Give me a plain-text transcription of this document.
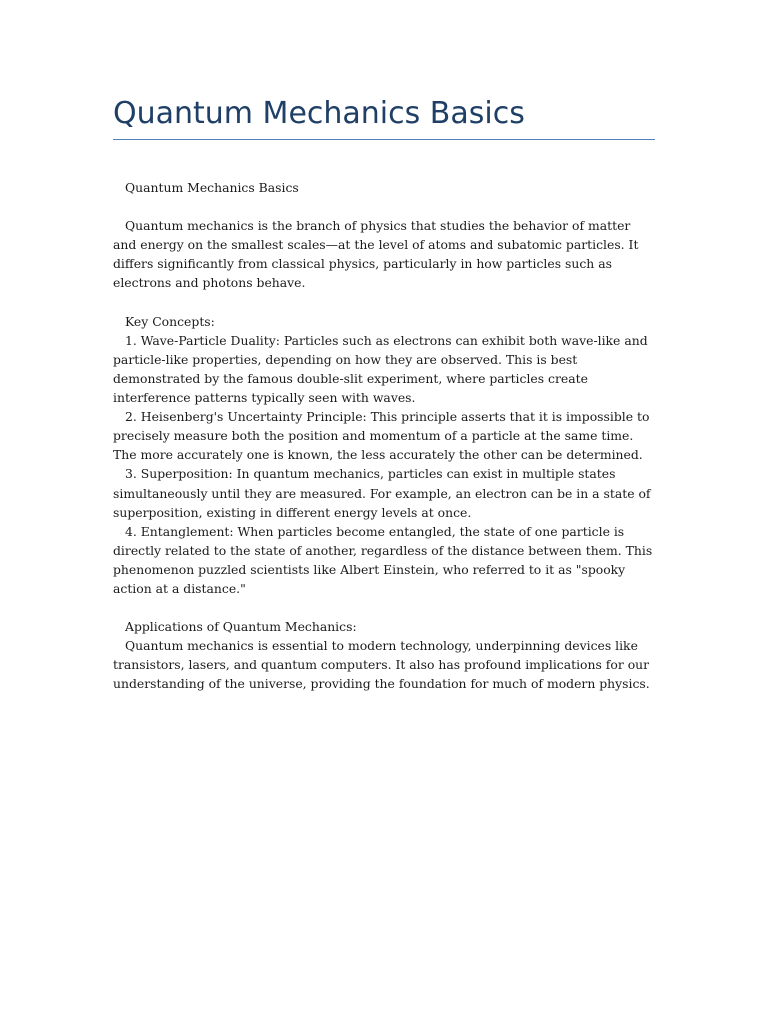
Quantum Mechanics Basics

Quantum Mechanics Basics

Quantum mechanics is the branch of physics that studies the behavior of matter and energy on the smallest scales—at the level of atoms and subatomic particles. It differs significantly from classical physics, particularly in how particles such as electrons and photons behave.

Key Concepts:

1. Wave-Particle Duality: Particles such as electrons can exhibit both wave-like and particle-like properties, depending on how they are observed. This is best demonstrated by the famous double-slit experiment, where particles create interference patterns typically seen with waves.

2. Heisenberg's Uncertainty Principle: This principle asserts that it is impossible to precisely measure both the position and momentum of a particle at the same time. The more accurately one is known, the less accurately the other can be determined.

3. Superposition: In quantum mechanics, particles can exist in multiple states simultaneously until they are measured. For example, an electron can be in a state of superposition, existing in different energy levels at once.

4. Entanglement: When particles become entangled, the state of one particle is directly related to the state of another, regardless of the distance between them. This phenomenon puzzled scientists like Albert Einstein, who referred to it as "spooky action at a distance."

Applications of Quantum Mechanics:

Quantum mechanics is essential to modern technology, underpinning devices like transistors, lasers, and quantum computers. It also has profound implications for our understanding of the universe, providing the foundation for much of modern physics.
